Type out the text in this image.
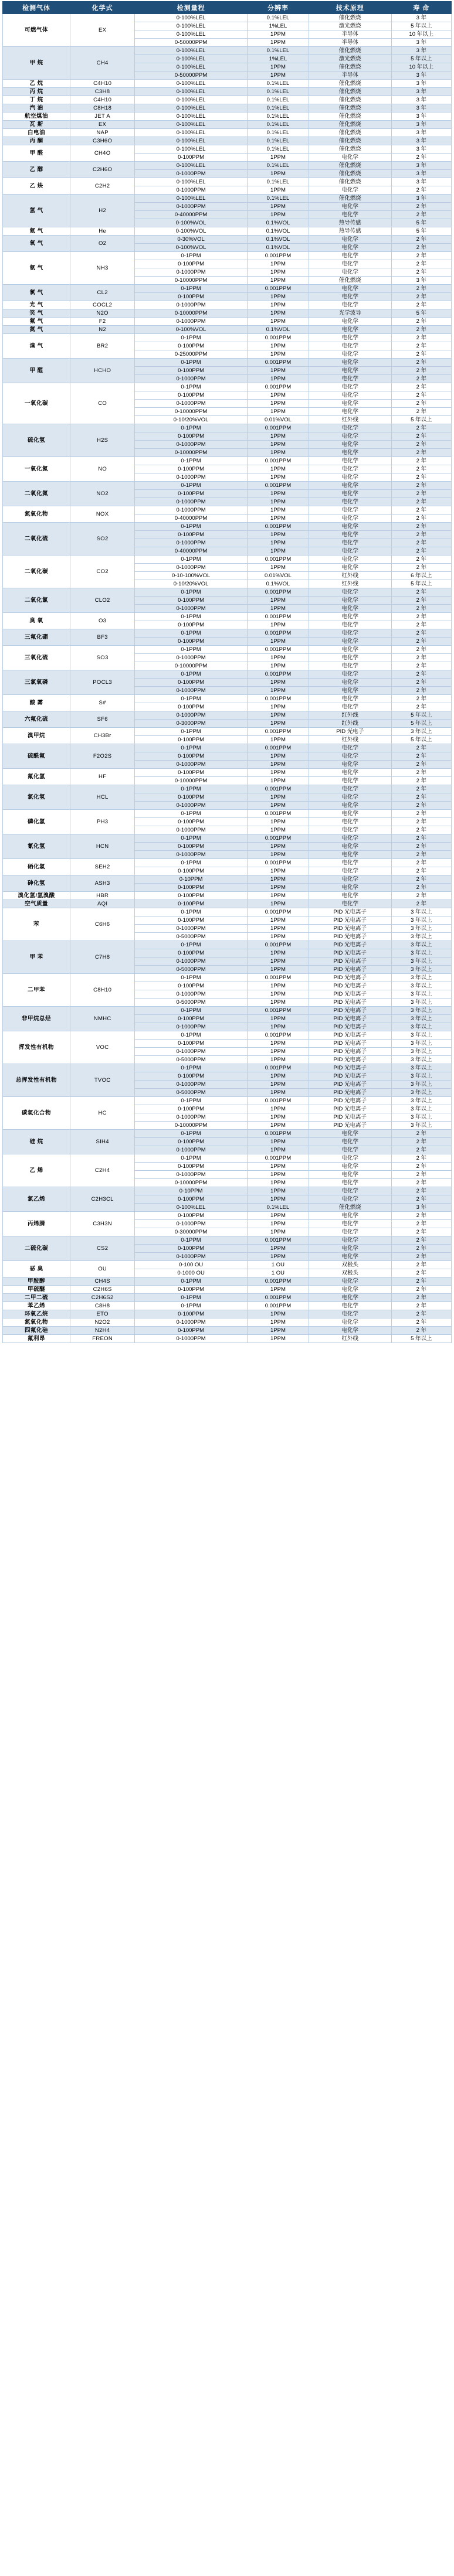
检测气体	化学式	检测量程	分辨率	技术原理	寿 命
可燃气体	EX	0-100%LEL	0.1%LEL	催化燃烧	3 年
		0-100%LEL	1%LEL	激光燃烧	5 年以上
		0-100%LEL	1PPM	半导体	10 年以上
		0-50000PPM	1PPM	半导体	3 年
甲 烷	CH4	0-100%LEL	0.1%LEL	催化燃烧	3 年
		0-100%LEL	1%LEL	激光燃烧	5 年以上
		0-100%LEL	1PPM	催化燃烧	10 年以上
		0-50000PPM	1PPM	半导体	3 年
乙 烷	C4H10	0-100%LEL	0.1%LEL	催化燃烧	3 年
丙 烷	C3H8	0-100%LEL	0.1%LEL	催化燃烧	3 年
丁 烷	C4H10	0-100%LEL	0.1%LEL	催化燃烧	3 年
汽 油	C8H18	0-100%LEL	0.1%LEL	催化燃烧	3 年
航空煤油	JET A	0-100%LEL	0.1%LEL	催化燃烧	3 年
瓦 斯	EX	0-100%LEL	0.1%LEL	催化燃烧	3 年
白电油	NAP	0-100%LEL	0.1%LEL	催化燃烧	3 年
丙 酮	C3H6O	0-100%LEL	0.1%LEL	催化燃烧	3 年
甲 醛	CH4O	0-100%LEL	0.1%LEL	催化燃烧	3 年
		0-100PPM	1PPM	电化学	2 年
乙 醇	C2H6O	0-100%LEL	0.1%LEL	催化燃烧	3 年
		0-1000PPM	1PPM	催化燃烧	3 年
乙 炔	C2H2	0-100%LEL	0.1%LEL	催化燃烧	3 年
		0-1000PPM	1PPM	电化学	2 年
氢 气	H2	0-100%LEL	0.1%LEL	催化燃烧	3 年
		0-1000PPM	1PPM	电化学	2 年
		0-40000PPM	1PPM	电化学	2 年
		0-100%VOL	0.1%VOL	热导传感	5 年
氦 气	He	0-100%VOL	0.1%VOL	热导传感	5 年
氧 气	O2	0-30%VOL	0.1%VOL	电化学	2 年
		0-100%VOL	0.1%VOL	电化学	2 年
氨 气	NH3	0-1PPM	0.001PPM	电化学	2 年
		0-100PPM	1PPM	电化学	2 年
		0-1000PPM	1PPM	电化学	2 年
		0-10000PPM	1PPM	催化燃烧	3 年
氯 气	CL2	0-1PPM	0.001PPM	电化学	2 年
		0-100PPM	1PPM	电化学	2 年
光 气	COCL2	0-1000PPM	1PPM	电化学	2 年
笑 气	N2O	0-10000PPM	1PPM	光学波导	5 年
氟 气	F2	0-1000PPM	1PPM	电化学	2 年
氮 气	N2	0-100%VOL	0.1%VOL	电化学	2 年
溴 气	BR2	0-1PPM	0.001PPM	电化学	2 年
		0-100PPM	1PPM	电化学	2 年
		0-25000PPM	1PPM	电化学	2 年
甲 醛	HCHO	0-1PPM	0.001PPM	电化学	2 年
		0-100PPM	1PPM	电化学	2 年
		0-1000PPM	1PPM	电化学	2 年
一氧化碳	CO	0-1PPM	0.001PPM	电化学	2 年
		0-100PPM	1PPM	电化学	2 年
		0-1000PPM	1PPM	电化学	2 年
		0-10000PPM	1PPM	电化学	2 年
		0-10/20%VOL	0.01%VOL	红外线	5 年以上
硫化氢	H2S	0-1PPM	0.001PPM	电化学	2 年
		0-100PPM	1PPM	电化学	2 年
		0-1000PPM	1PPM	电化学	2 年
		0-10000PPM	1PPM	电化学	2 年
一氧化氮	NO	0-1PPM	0.001PPM	电化学	2 年
		0-100PPM	1PPM	电化学	2 年
		0-1000PPM	1PPM	电化学	2 年
二氧化氮	NO2	0-1PPM	0.001PPM	电化学	2 年
		0-100PPM	1PPM	电化学	2 年
		0-1000PPM	1PPM	电化学	2 年
氮氧化物	NOX	0-1000PPM	1PPM	电化学	2 年
		0-40000PPM	1PPM	电化学	2 年
二氧化硫	SO2	0-1PPM	0.001PPM	电化学	2 年
		0-100PPM	1PPM	电化学	2 年
		0-1000PPM	1PPM	电化学	2 年
		0-40000PPM	1PPM	电化学	2 年
二氧化碳	CO2	0-1PPM	0.001PPM	电化学	2 年
		0-1000PPM	1PPM	电化学	2 年
		0-10-100%VOL	0.01%VOL	红外线	6 年以上
		0-10/20%VOL	0.1%VOL	红外线	5 年以上
二氧化氯	CLO2	0-1PPM	0.001PPM	电化学	2 年
		0-100PPM	1PPM	电化学	2 年
		0-1000PPM	1PPM	电化学	2 年
臭 氧	O3	0-1PPM	0.001PPM	电化学	2 年
		0-100PPM	1PPM	电化学	2 年
三氟化硼	BF3	0-1PPM	0.001PPM	电化学	2 年
		0-100PPM	1PPM	电化学	2 年
三氧化硫	SO3	0-1PPM	0.001PPM	电化学	2 年
		0-1000PPM	1PPM	电化学	2 年
		0-10000PPM	1PPM	电化学	2 年
三氯氧磷	POCL3	0-1PPM	0.001PPM	电化学	2 年
		0-100PPM	1PPM	电化学	2 年
		0-1000PPM	1PPM	电化学	2 年
酸 雾	S#	0-1PPM	0.001PPM	电化学	2 年
		0-100PPM	1PPM	电化学	2 年
六氟化硫	SF6	0-1000PPM	1PPM	红外线	5 年以上
		0-3000PPM	1PPM	红外线	5 年以上
溴甲烷	CH3Br	0-1PPM	0.001PPM	PID 光电子	3 年以上
		0-100PPM	1PPM	红外线	5 年以上
硫酰氟	F2O2S	0-1PPM	0.001PPM	电化学	2 年
		0-100PPM	1PPM	电化学	2 年
		0-1000PPM	1PPM	电化学	2 年
氟化氢	HF	0-100PPM	1PPM	电化学	2 年
		0-10000PPM	1PPM	电化学	2 年
氯化氢	HCL	0-1PPM	0.001PPM	电化学	2 年
		0-100PPM	1PPM	电化学	2 年
		0-1000PPM	1PPM	电化学	2 年
磷化氢	PH3	0-1PPM	0.001PPM	电化学	2 年
		0-100PPM	1PPM	电化学	2 年
		0-1000PPM	1PPM	电化学	2 年
氰化氢	HCN	0-1PPM	0.001PPM	电化学	2 年
		0-100PPM	1PPM	电化学	2 年
		0-1000PPM	1PPM	电化学	2 年
硒化氢	SEH2	0-1PPM	0.001PPM	电化学	2 年
		0-100PPM	1PPM	电化学	2 年
砷化氢	ASH3	0-10PPM	1PPM	电化学	2 年
		0-100PPM	1PPM	电化学	2 年
溴化氢/氢溴酸	HBR	0-100PPM	1PPM	电化学	2 年
空气质量	AQI	0-100PPM	1PPM	电化学	2 年
苯	C6H6	0-1PPM	0.001PPM	PID 光电离子	3 年以上
		0-100PPM	1PPM	PID 光电离子	3 年以上
		0-1000PPM	1PPM	PID 光电离子	3 年以上
		0-5000PPM	1PPM	PID 光电离子	3 年以上
甲 苯	C7H8	0-1PPM	0.001PPM	PID 光电离子	3 年以上
		0-100PPM	1PPM	PID 光电离子	3 年以上
		0-1000PPM	1PPM	PID 光电离子	3 年以上
		0-5000PPM	1PPM	PID 光电离子	3 年以上
二甲苯	C8H10	0-1PPM	0.001PPM	PID 光电离子	3 年以上
		0-100PPM	1PPM	PID 光电离子	3 年以上
		0-1000PPM	1PPM	PID 光电离子	3 年以上
		0-5000PPM	1PPM	PID 光电离子	3 年以上
非甲烷总烃	NMHC	0-1PPM	0.001PPM	PID 光电离子	3 年以上
		0-100PPM	1PPM	PID 光电离子	3 年以上
		0-1000PPM	1PPM	PID 光电离子	3 年以上
挥发性有机物	VOC	0-1PPM	0.001PPM	PID 光电离子	3 年以上
		0-100PPM	1PPM	PID 光电离子	3 年以上
		0-1000PPM	1PPM	PID 光电离子	3 年以上
		0-5000PPM	1PPM	PID 光电离子	3 年以上
总挥发性有机物	TVOC	0-1PPM	0.001PPM	PID 光电离子	3 年以上
		0-100PPM	1PPM	PID 光电离子	3 年以上
		0-1000PPM	1PPM	PID 光电离子	3 年以上
		0-5000PPM	1PPM	PID 光电离子	3 年以上
碳氢化合物	HC	0-1PPM	0.001PPM	PID 光电离子	3 年以上
		0-100PPM	1PPM	PID 光电离子	3 年以上
		0-1000PPM	1PPM	PID 光电离子	3 年以上
		0-10000PPM	1PPM	PID 光电离子	3 年以上
硅 烷	SIH4	0-1PPM	0.001PPM	电化学	2 年
		0-100PPM	1PPM	电化学	2 年
		0-1000PPM	1PPM	电化学	2 年
乙 烯	C2H4	0-1PPM	0.001PPM	电化学	2 年
		0-100PPM	1PPM	电化学	2 年
		0-1000PPM	1PPM	电化学	2 年
		0-10000PPM	1PPM	电化学	2 年
氯乙烯	C2H3CL	0-10PPM	1PPM	电化学	2 年
		0-100PPM	1PPM	电化学	2 年
		0-100%LEL	0.1%LEL	催化燃烧	3 年
丙烯腈	C3H3N	0-100PPM	1PPM	电化学	2 年
		0-1000PPM	1PPM	电化学	2 年
		0-30000PPM	1PPM	电化学	2 年
二硫化碳	CS2	0-1PPM	0.001PPM	电化学	2 年
		0-100PPM	1PPM	电化学	2 年
		0-1000PPM	1PPM	电化学	2 年
恶 臭	OU	0-100 OU	1 OU	双极头	2 年
		0-1000 OU	1 OU	双极头	2 年
甲胺醇	CH4S	0-1PPM	0.001PPM	电化学	2 年
甲硫醚	C2H6S	0-100PPM	1PPM	电化学	2 年
二甲二硫	C2H6S2	0-1PPM	0.001PPM	电化学	2 年
苯乙烯	C8H8	0-1PPM	0.001PPM	电化学	2 年
环氧乙烷	ETO	0-100PPM	1PPM	电化学	2 年
氮氧化物	N2O2	0-1000PPM	1PPM	电化学	2 年
四氟化硅	N2H4	0-100PPM	1PPM	电化学	2 年
氟利昂	FREON	0-1000PPM	1PPM	红外线	5 年以上
